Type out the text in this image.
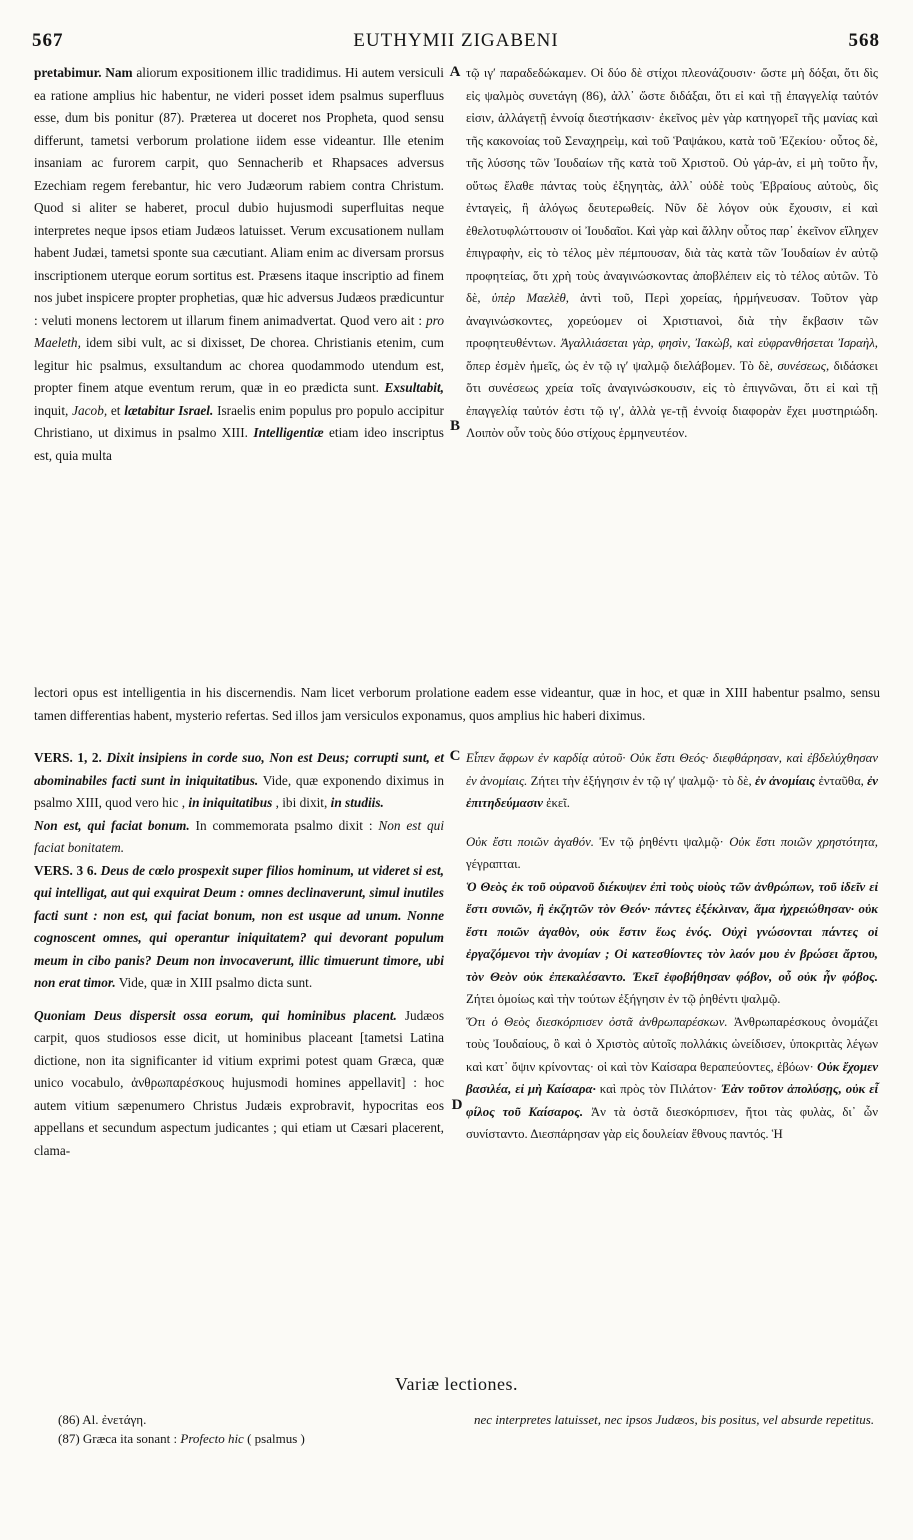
567	EUTHYMII ZIGABENI	568
A
B
C
D

pretabimur. Nam aliorum expositionem illic tradidimus. Hi autem versiculi ea ratione amplius hic habentur, ne videri posset idem psalmus superfluus esse, dum bis ponitur (87). Præterea ut doceret nos Propheta, quod sensu differunt, tametsi verborum prolatione iidem esse videantur. Ille etenim insaniam ac furorem carpit, quo Sennacherib et Rhapsaces adversus Ezechiam regem ferebantur, hic vero Judæorum rabiem contra Christum. Quod si aliter se haberet, procul dubio hujusmodi superfluitas neque interpretes neque ipsos etiam Judæos latuisset. Verum excusationem nullam habent Judæi, tametsi sponte sua cæcutiant. Aliam enim ac diversam prorsus inscriptionem uterque eorum sortitus est. Præsens itaque inscriptio ad finem nos jubet inspicere propter prophetias, quæ hic adversus Judæos prædicuntur : veluti monens lectorem ut illarum finem animadvertat. Quod vero ait : pro Maeleth, idem sibi vult, ac si dixisset, De chorea. Christianis etenim, cum legitur hic psalmus, exsultandum ac chorea quodammodo utendum est, propter finem atque eventum rerum, quæ in eo prædicta sunt. Exsultabit, inquit, Jacob, et lætabitur Israel. Israelis enim populus pro populo accipitur Christiano, ut diximus in psalmo XIII. Intelligentiæ etiam ideo inscriptus est, quia multa

τῷ ιγʹ παραδεδώκαμεν. Οἱ δύο δὲ στίχοι πλεονάζουσιν· ὥστε μὴ δόξαι, ὅτι δὶς εἰς ψαλμὸς συνετάγη (86), ἀλλ᾽ ὥστε διδάξαι, ὅτι εἰ καὶ τῇ ἐπαγγελίᾳ ταὐτόν εἰσιν, ἀλλάγετῇ ἐννοίᾳ διεστήκασιν· ἐκεῖνος μὲν γὰρ κατηγορεῖ τῆς μανίας καὶ τῆς κακονοίας τοῦ Σεναχηρεὶμ, καὶ τοῦ Ῥαψάκου, κατὰ τοῦ Ἐζεκίου· οὗτος δὲ, τῆς λύσσης τῶν Ἰουδαίων τῆς κατὰ τοῦ Χριστοῦ. Οὐ γάρ-ἀν, εἰ μὴ τοῦτο ἦν, οὕτως ἔλαθε πάντας τοὺς ἐξηγητὰς, ἀλλ᾽ οὐδὲ τοὺς Ἑβραίους αὐτοὺς, δὶς ἐνταγεὶς, ἢ ἀλόγως δευτερωθείς. Νῦν δὲ λόγον οὐκ ἔχουσιν, εἰ καὶ ἐθελοτυφλώττουσιν οἱ Ἰουδαῖοι. Καὶ γὰρ καὶ ἄλλην οὗτος παρ᾽ ἐκεῖνον εἴληχεν ἐπιγραφὴν, εἰς τὸ τέλος μὲν πέμπουσαν, διὰ τὰς κατὰ τῶν Ἰουδαίων ἐν αὐτῷ προφητείας, ὅτι χρὴ τοὺς ἀναγινώσκοντας ἀποβλέπειν εἰς τὸ τέλος αὐτῶν. Τὸ δὲ, ὑπὲρ Μαελὲθ, ἀντὶ τοῦ, Περὶ χορείας, ἡρμήνευσαν. Τοῦτον γὰρ ἀναγινώσκοντες, χορεύομεν οἱ Χριστιανοὶ, διὰ τὴν ἔκβασιν τῶν προφητευθέντων. Ἀγαλλιάσεται γὰρ, φησὶν, Ἰακὼβ, καὶ εὐφρανθήσεται Ἰσραὴλ, ὅπερ ἐσμὲν ἡμεῖς, ὡς ἐν τῷ ιγʹ ψαλμῷ διελάβομεν. Τὸ δὲ, συνέσεως, διδάσκει ὅτι συνέσεως χρεία τοῖς ἀναγινώσκουσιν, εἰς τὸ ἐπιγνῶναι, ὅτι εἰ καὶ τῇ ἐπαγγελίᾳ ταὐτόν ἐστι τῷ ιγʹ, ἀλλὰ γε-τῇ ἐννοίᾳ διαφορὰν ἔχει μυστηριώδη. Λοιπὸν οὖν τοὺς δύο στίχους ἑρμηνευτέον.

lectori opus est intelligentia in his discernendis. Nam licet verborum prolatione eadem esse videantur, quæ in hoc, et quæ in XIII habentur psalmo, sensu tamen differentias habent, mysterio refertas. Sed illos jam versiculos exponamus, quos amplius hic haberi diximus.

VERS. 1, 2. Dixit insipiens in corde suo, Non est Deus; corrupti sunt, et abominabiles facti sunt in iniquitatibus. Vide, quæ exponendo diximus in psalmo XIII, quod vero hic , in iniquitatibus , ibi dixit, in studiis.

Non est, qui faciat bonum. In commemorata psalmo dixit : Non est qui faciat bonitatem.

VERS. 3 6. Deus de cœlo prospexit super filios hominum, ut videret si est, qui intelligat, aut qui exquirat Deum : omnes declinaverunt, simul inutiles facti sunt : non est, qui faciat bonum, non est usque ad unum. Nonne cognoscent omnes, qui operantur iniquitatem? qui devorant populum meum in cibo panis? Deum non invocaverunt, illic timuerunt timore, ubi non erat timor. Vide, quæ in XIII psalmo dicta sunt.

Quoniam Deus dispersit ossa eorum, qui hominibus placent. Judæos carpit, quos studiosos esse dicit, ut hominibus placeant [tametsi Latina dictione, non ita significanter id vitium exprimi potest quam Græca, quæ unico vocabulo, ἀνθρωπαρέσκους hujusmodi homines appellavit] : hoc autem vitium sæpenumero Christus Judæis exprobravit, hypocritas eos appellans et secundum aspectum judicantes ; qui etiam ut Cæsari placerent, clama-

Εἶπεν ἄφρων ἐν καρδίᾳ αὐτοῦ· Οὐκ ἔστι Θεός· διεφθάρησαν, καὶ ἐβδελύχθησαν ἐν ἀνομίαις. Ζήτει τὴν ἐξήγησιν ἐν τῷ ιγʹ ψαλμῷ· τὸ δὲ, ἐν ἀνομίαις ἐνταῦθα, ἐν ἐπιτηδεύμασιν ἐκεῖ.

Οὐκ ἔστι ποιῶν ἀγαθόν. Ἐν τῷ ῥηθέντι ψαλμῷ· Οὐκ ἔστι ποιῶν χρηστότητα, γέγραπται.

Ὁ Θεὸς ἐκ τοῦ οὐρανοῦ διέκυψεν ἐπὶ τοὺς υἱοὺς τῶν ἀνθρώπων, τοῦ ἰδεῖν εἰ ἔστι συνιῶν, ἢ ἐκζητῶν τὸν Θεόν· πάντες ἐξέκλιναν, ἅμα ἠχρειώθησαν· οὐκ ἔστι ποιῶν ἀγαθὸν, οὐκ ἔστιν ἕως ἑνός. Οὐχὶ γνώσονται πάντες οἱ ἐργαζόμενοι τὴν ἀνομίαν ; Οἱ κατεσθίοντες τὸν λαόν μου ἐν βρώσει ἄρτου, τὸν Θεὸν οὐκ ἐπεκαλέσαντο. Ἐκεῖ ἐφοβήθησαν φόβον, οὗ οὐκ ἦν φόβος. Ζήτει ὁμοίως καὶ τὴν τούτων ἐξήγησιν ἐν τῷ ῥηθέντι ψαλμῷ.

Ὅτι ὁ Θεὸς διεσκόρπισεν ὀστᾶ ἀνθρωπαρέσκων. Ἀνθρωπαρέσκους ὀνομάζει τοὺς Ἰουδαίους, ὃ καὶ ὁ Χριστὸς αὐτοῖς πολλάκις ὠνείδισεν, ὑποκριτὰς λέγων καὶ κατ᾽ ὄψιν κρίνοντας· οἱ καὶ τὸν Καίσαρα θεραπεύοντες, ἐβόων· Οὐκ ἔχομεν βασιλέα, εἰ μὴ Καίσαρα· καὶ πρὸς τὸν Πιλάτον· Ἐὰν τοῦτον ἀπολύσῃς, οὐκ εἶ φίλος τοῦ Καίσαρος. Ἀν τὰ ὀστᾶ διεσκόρπισεν, ἤτοι τὰς φυλὰς, δι᾽ ὧν συνίσταντο. Διεσπάρησαν γὰρ εἰς δουλείαν ἔθνους παντός. Ἡ

Variæ lectiones.

(86) Al. ἐνετάγη.

(87) Græca ita sonant : Profecto hic ( psalmus )

nec interpretes latuisset, nec ipsos Judæos, bis positus, vel absurde repetitus.
